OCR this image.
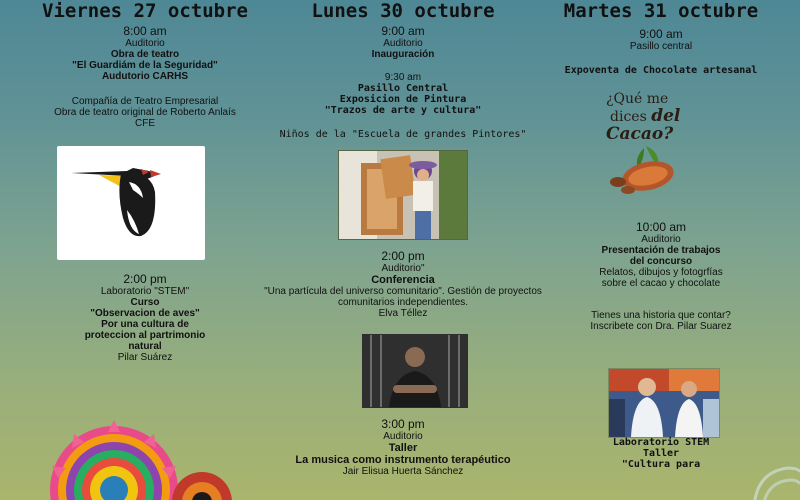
Viernes 27 octubre
8:00 am
Auditorio
Obra de teatro
"El Guardiám de la Seguridad"
Audutorio CARHS
Compañía de Teatro Empresarial
Obra de teatro original de Roberto Anlaís
CFE
2:00 pm
Laboratorio "STEM"
Curso
"Observacion de aves"
Por una cultura de
proteccion al partrimonio
natural
Pilar Suárez
Lunes 30 octubre
9:00 am
Auditorio
Inauguración
9:30 am
Pasillo Central
Exposicion de Pintura
"Trazos de arte y cultura"
Niños de la "Escuela de grandes Pintores"
2:00 pm
Auditorio"
Conferencia
"Una partícula del universo comunitario". Gestión de proyectos
comunitarios independientes.
Elva Téllez
3:00 pm
Auditorio
Taller
La musica como instrumento terapéutico
Jair Elisua Huerta Sánchez
Martes 31 octubre
9:00 am
Pasillo central
Expoventa de Chocolate artesanal
10:00 am
Auditorio
Presentación de trabajos
del concurso
Relatos, dibujos y fotogrfías
sobre el cacao y chocolate
Tienes una historia que contar?
Inscribete con Dra. Pilar Suarez
Laboratorio STEM
Taller
"Cultura para
¿Qué me
dices del
Cacao?
